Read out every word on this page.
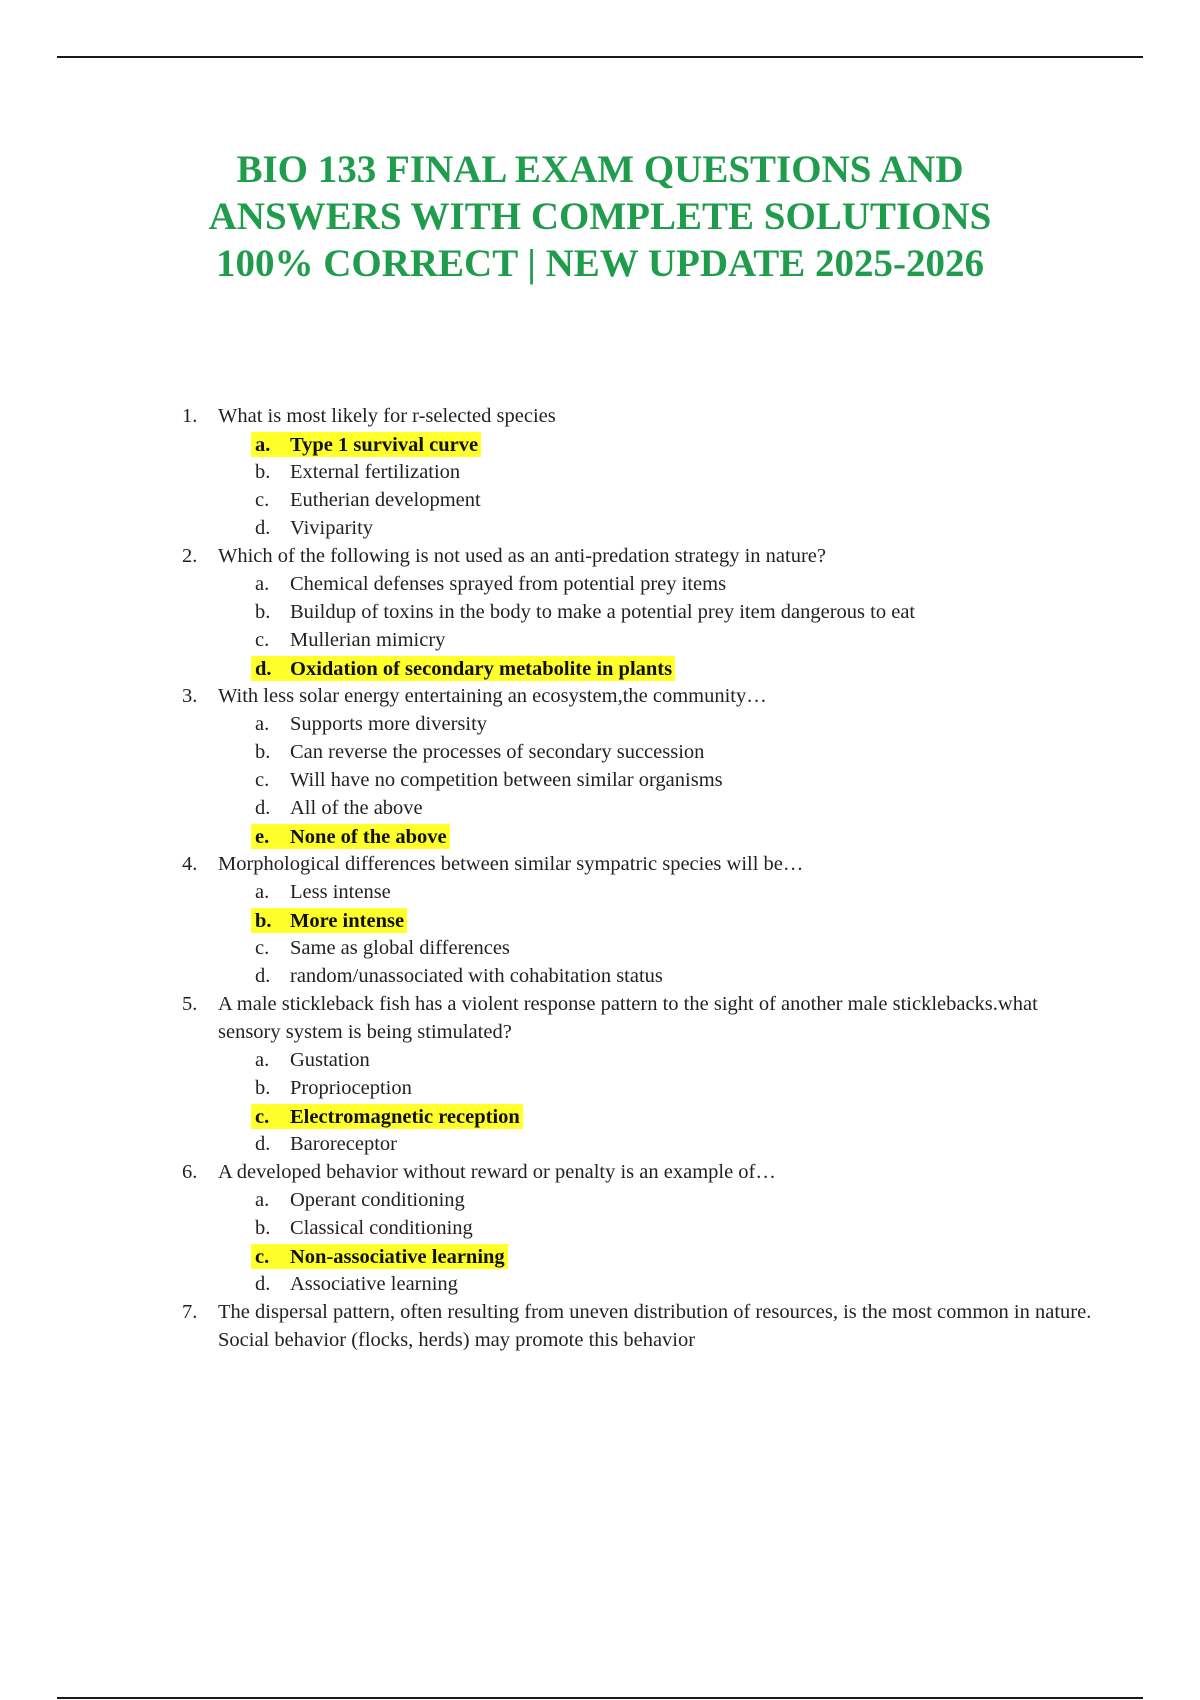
BIO 133 FINAL EXAM QUESTIONS AND
ANSWERS WITH COMPLETE SOLUTIONS
100% CORRECT | NEW UPDATE 2025-2026
1. What is most likely for r-selected species
a. Type 1 survival curve
b. External fertilization
c. Eutherian development
d. Viviparity
2. Which of the following is not used as an anti-predation strategy in nature?
a. Chemical defenses sprayed from potential prey items
b. Buildup of toxins in the body to make a potential prey item dangerous to eat
c. Mullerian mimicry
d. Oxidation of secondary metabolite in plants
3. With less solar energy entertaining an ecosystem,the community…
a. Supports more diversity
b. Can reverse the processes of secondary succession
c. Will have no competition between similar organisms
d. All of the above
e.	None of the above
4. Morphological differences between similar sympatric species will be…
a. Less intense
b. More intense
c. Same as global differences
d. random/unassociated with cohabitation status
5. A male stickleback fish has a violent response pattern to the sight of another male sticklebacks.what sensory system is being stimulated?
a. Gustation
b. Proprioception
c.	Electromagnetic reception
d. Baroreceptor
6. A developed behavior without reward or penalty is an example of…
a. Operant conditioning
b. Classical conditioning
c.	Non-associative learning
d. Associative learning
7. The dispersal pattern, often resulting from uneven distribution of resources, is the most common in nature. Social behavior (flocks, herds) may promote this behavior
